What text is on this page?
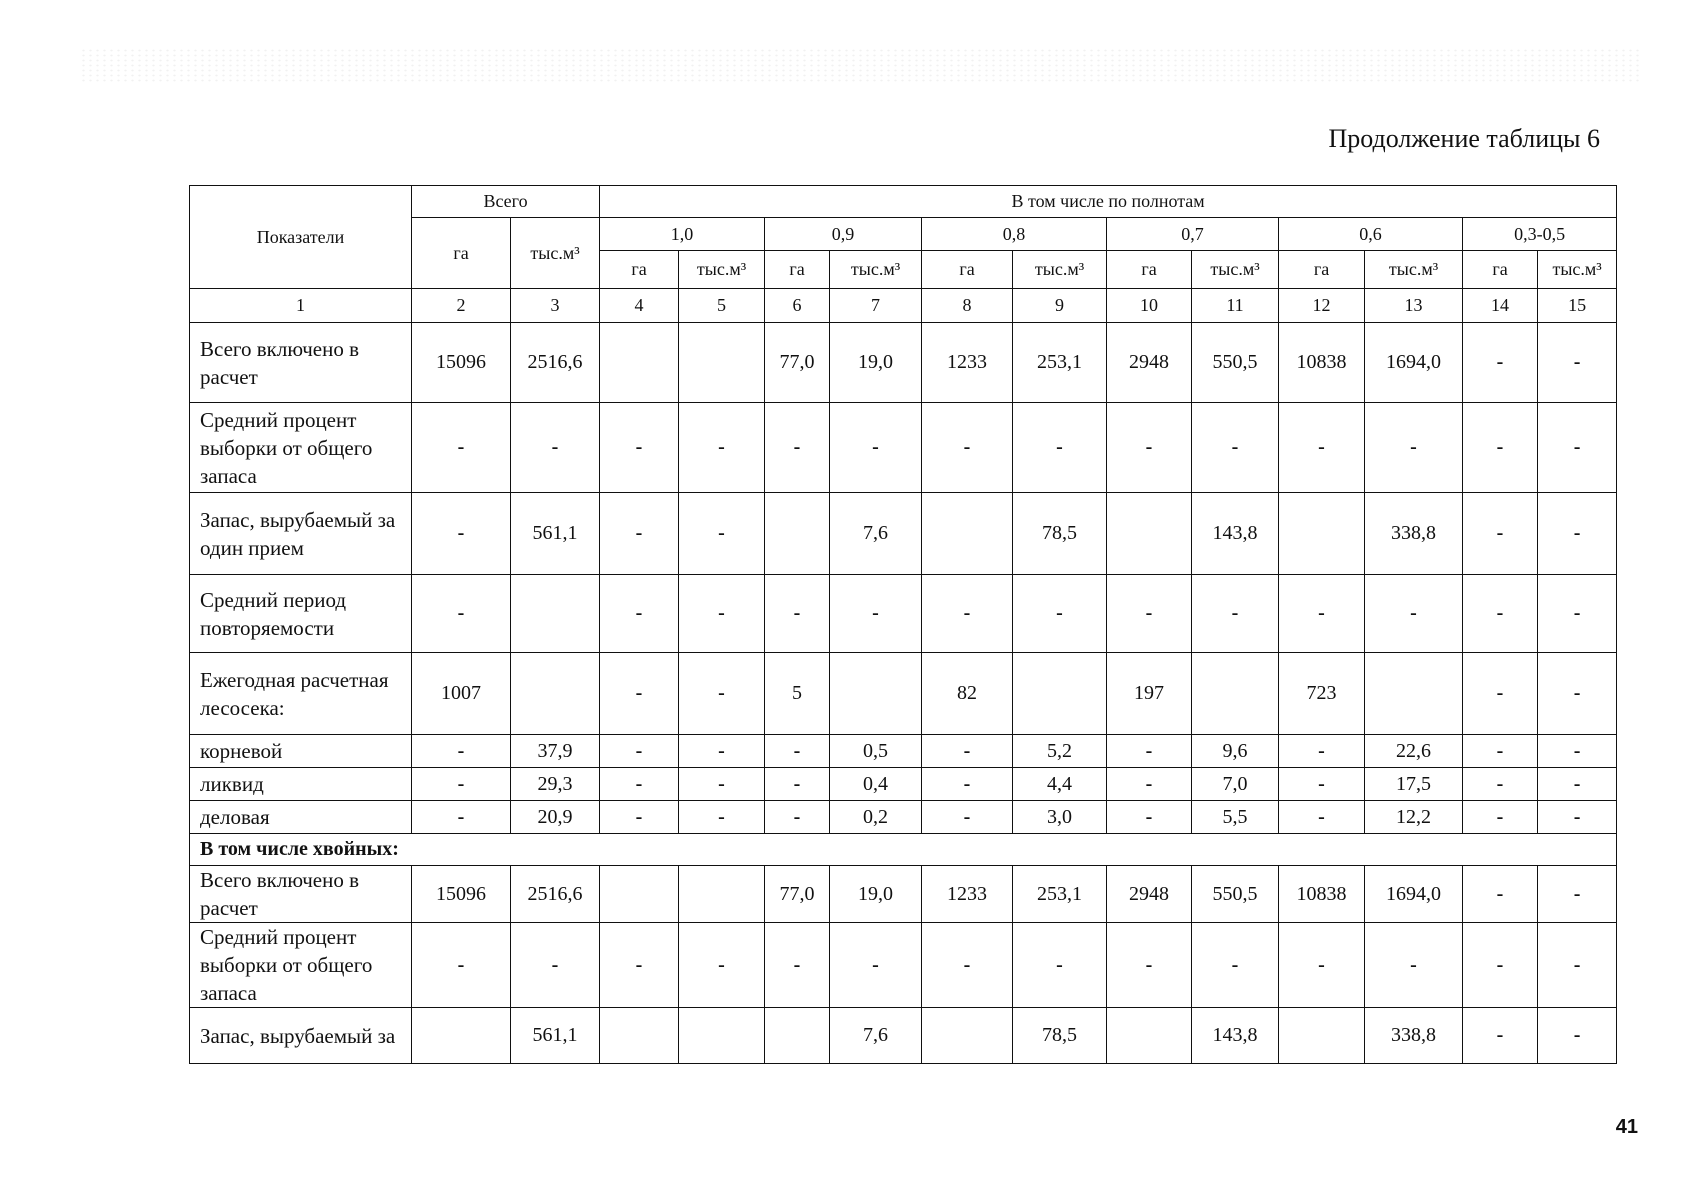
Продолжение таблицы 6
Показатели	Всего		В том числе по полнотам											
	га	тыс.м³	1,0		0,9		0,8		0,7		0,6		0,3-0,5	
			га	тыс.м³	га	тыс.м³	га	тыс.м³	га	тыс.м³	га	тыс.м³	га	тыс.м³
1	2	3	4	5	6	7	8	9	10	11	12	13	14	15
Всего включено в расчет	15096	2516,6			77,0	19,0	1233	253,1	2948	550,5	10838	1694,0	-	-
Средний процент выборки от общего запаса	-	-	-	-	-	-	-	-	-	-	-	-	-	-
Запас, вырубаемый за один прием	-	561,1	-	-		7,6		78,5		143,8		338,8	-	-
Средний период повторяемости	-		-	-	-	-	-	-	-	-	-	-	-	-
Ежегодная расчетная лесосека:	1007		-	-	5		82		197		723		-	-
корневой	-	37,9	-	-	-	0,5	-	5,2	-	9,6	-	22,6	-	-
ликвид	-	29,3	-	-	-	0,4	-	4,4	-	7,0	-	17,5	-	-
деловая	-	20,9	-	-	-	0,2	-	3,0	-	5,5	-	12,2	-	-
В том числе хвойных:														
Всего включено в расчет	15096	2516,6			77,0	19,0	1233	253,1	2948	550,5	10838	1694,0	-	-
Средний процент выборки от общего запаса	-	-	-	-	-	-	-	-	-	-	-	-	-	-
Запас, вырубаемый за		561,1				7,6		78,5		143,8		338,8	-	-
41
